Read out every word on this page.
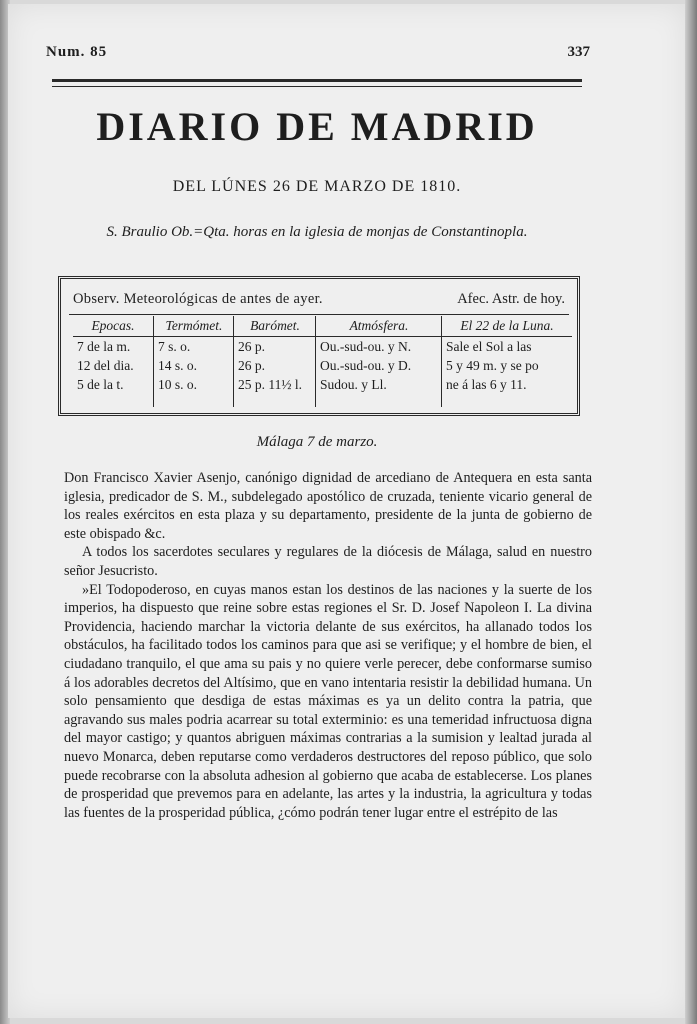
Num. 85	337
DIARIO DE MADRID
DEL LÚNES 26 DE MARZO DE 1810.
S. Braulio Ob.=Qta. horas en la iglesia de monjas de Constantinopla.
Observ. Meteorológicas de antes de ayer.	Afec. Astr. de hoy.
Epocas.
7 de la m.
12 del dia.
5 de la t.
Termómet.
7 s. o.
14 s. o.
10 s. o.
Barómet.
26 p.
26 p.
25 p. 11½ l.
Atmósfera.
Ou.-sud-ou. y N.
Ou.-sud-ou. y D.
Sudou. y Ll.
El 22 de la Luna.
Sale el Sol a las
5 y 49 m. y se po
ne á las 6 y 11.
Málaga 7 de marzo.

Don Francisco Xavier Asenjo, canónigo dignidad de arcediano de Antequera en esta santa iglesia, predicador de S. M., subdelegado apostólico de cruzada, teniente vicario general de los reales exércitos en esta plaza y su departamento, presidente de la junta de gobierno de este obispado &c.

A todos los sacerdotes seculares y regulares de la diócesis de Málaga, salud en nuestro señor Jesucristo.

»El Todopoderoso, en cuyas manos estan los destinos de las naciones y la suerte de los imperios, ha dispuesto que reine sobre estas regiones el Sr. D. Josef Napoleon I. La divina Providencia, haciendo marchar la victoria delante de sus exércitos, ha allanado todos los obstáculos, ha facilitado todos los caminos para que asi se verifique; y el hombre de bien, el ciudadano tranquilo, el que ama su pais y no quiere verle perecer, debe conformarse sumiso á los adorables decretos del Altísimo, que en vano intentaria resistir la debilidad humana. Un solo pensamiento que desdiga de estas máximas es ya un delito contra la patria, que agravando sus males podria acarrear su total exterminio: es una temeridad infructuosa digna del mayor castigo; y quantos abriguen máximas contrarias a la sumision y lealtad jurada al nuevo Monarca, deben reputarse como verdaderos destructores del reposo público, que solo puede recobrarse con la absoluta adhesion al gobierno que acaba de establecerse. Los planes de prosperidad que prevemos para en adelante, las artes y la industria, la agricultura y todas las fuentes de la prosperidad pública, ¿cómo podrán tener lugar entre el estrépito de las
